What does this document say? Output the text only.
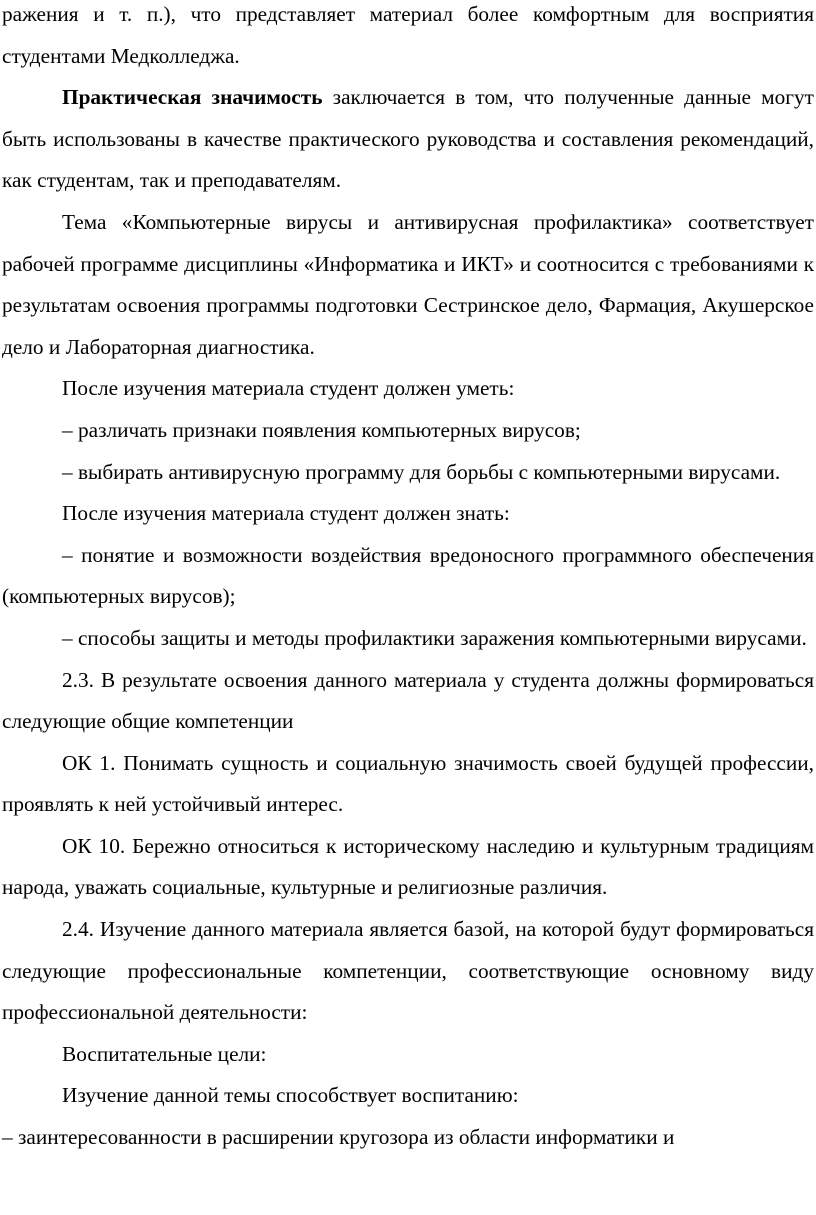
ражения и т. п.), что представляет материал более комфортным для восприятия студентами Медколледжа.

Практическая значимость заключается в том, что полученные данные могут быть использованы в качестве практического руководства и составления рекомендаций, как студентам, так и преподавателям.

Тема «Компьютерные вирусы и антивирусная профилактика» соответствует рабочей программе дисциплины «Информатика и ИКТ» и соотносится с требованиями к результатам освоения программы подготовки Сестринское дело, Фармация, Акушерское дело и Лабораторная диагностика.

После изучения материала студент должен уметь:

– различать признаки появления компьютерных вирусов;

– выбирать антивирусную программу для борьбы с компьютерными вирусами.

После изучения материала студент должен знать:

– понятие и возможности воздействия вредоносного программного обеспечения (компьютерных вирусов);

– способы защиты и методы профилактики заражения компьютерными вирусами.

2.3. В результате освоения данного материала у студента должны формироваться следующие общие компетенции

ОК 1. Понимать сущность и социальную значимость своей будущей профессии, проявлять к ней устойчивый интерес.

ОК 10. Бережно относиться к историческому наследию и культурным традициям народа, уважать социальные, культурные и религиозные различия.

2.4. Изучение данного материала является базой, на которой будут формироваться следующие профессиональные компетенции, соответствующие основному виду профессиональной деятельности:

Воспитательные цели:

Изучение данной темы способствует воспитанию:

– заинтересованности в расширении кругозора из области информатики и
